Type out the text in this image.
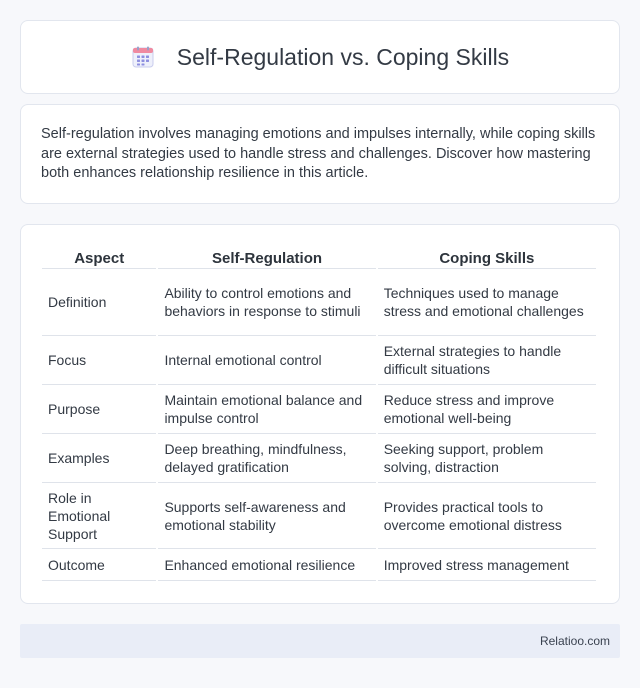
Self-Regulation vs. Coping Skills

Self-regulation involves managing emotions and impulses internally, while coping skills are external strategies used to handle stress and challenges. Discover how mastering both enhances relationship resilience in this article.

Aspect	Self-Regulation	Coping Skills
Definition	Ability to control emotions and behaviors in response to stimuli	Techniques used to manage stress and emotional challenges
Focus	Internal emotional control	External strategies to handle difficult situations
Purpose	Maintain emotional balance and impulse control	Reduce stress and improve emotional well-being
Examples	Deep breathing, mindfulness, delayed gratification	Seeking support, problem solving, distraction
Role in Emotional Support	Supports self-awareness and emotional stability	Provides practical tools to overcome emotional distress
Outcome	Enhanced emotional resilience	Improved stress management
Relatioo.com
